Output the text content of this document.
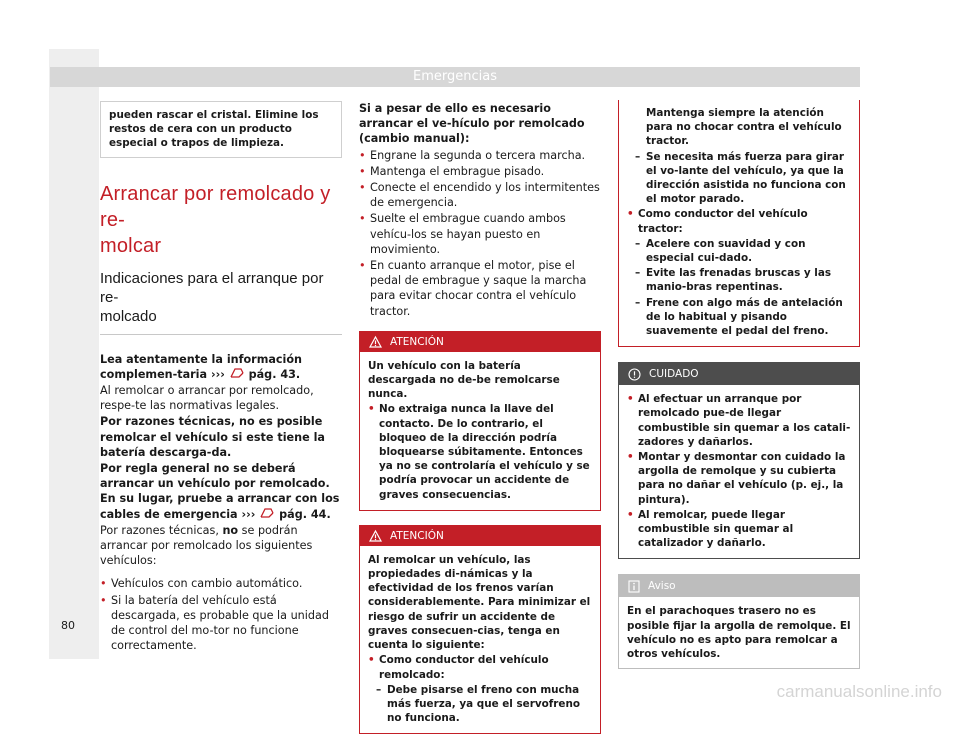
Emergencias
pueden rascar el cristal. Elimine los restos de cera con un producto especial o trapos de limpieza.
Arrancar por remolcado y re-
molcar
Indicaciones para el arranque por re-
molcado

Lea atentamente la información complemen-taria ››› pág. 43.

Al remolcar o arrancar por remolcado, respe-te las normativas legales.

Por razones técnicas, no es posible remolcar el vehículo si este tiene la batería descarga-da.

Por regla general no se deberá arrancar un vehículo por remolcado. En su lugar, pruebe a arrancar con los cables de emergencia ››› pág. 44.

Por razones técnicas, no se podrán arrancar por remolcado los siguientes vehículos:

• Vehículos con cambio automático.

• Si la batería del vehículo está descargada, es probable que la unidad de control del mo-tor no funcione correctamente.

Si a pesar de ello es necesario arrancar el ve-hículo por remolcado (cambio manual):

• Engrane la segunda o tercera marcha.

• Mantenga el embrague pisado.

• Conecte el encendido y los intermitentes de emergencia.

• Suelte el embrague cuando ambos vehícu-los se hayan puesto en movimiento.

• En cuanto arranque el motor, pise el pedal de embrague y saque la marcha para evitar chocar contra el vehículo tractor.

ATENCIÓN

Un vehículo con la batería descargada no de-be remolcarse nunca.

• No extraiga nunca la llave del contacto. De lo contrario, el bloqueo de la dirección podría bloquearse súbitamente. Entonces ya no se controlaría el vehículo y se podría provocar un accidente de graves consecuencias.

ATENCIÓN

Al remolcar un vehículo, las propiedades di-námicas y la efectividad de los frenos varían considerablemente. Para minimizar el riesgo de sufrir un accidente de graves consecuen-cias, tenga en cuenta lo siguiente:

• Como conductor del vehículo remolcado:

– Debe pisarse el freno con mucha más fuerza, ya que el servofreno no funciona.

Mantenga siempre la atención para no chocar contra el vehículo tractor.

– Se necesita más fuerza para girar el vo-lante del vehículo, ya que la dirección asistida no funciona con el motor parado.

• Como conductor del vehículo tractor:

– Acelere con suavidad y con especial cui-dado.

– Evite las frenadas bruscas y las manio-bras repentinas.

– Frene con algo más de antelación de lo habitual y pisando suavemente el pedal del freno.

CUIDADO

• Al efectuar un arranque por remolcado pue-de llegar combustible sin quemar a los catali-zadores y dañarlos.

• Montar y desmontar con cuidado la argolla de remolque y su cubierta para no dañar el vehículo (p. ej., la pintura).

• Al remolcar, puede llegar combustible sin quemar al catalizador y dañarlo.

Aviso
En el parachoques trasero no es posible fijar la argolla de remolque. El vehículo no es apto para remolcar a otros vehículos.
80
carmanualsonline.info
